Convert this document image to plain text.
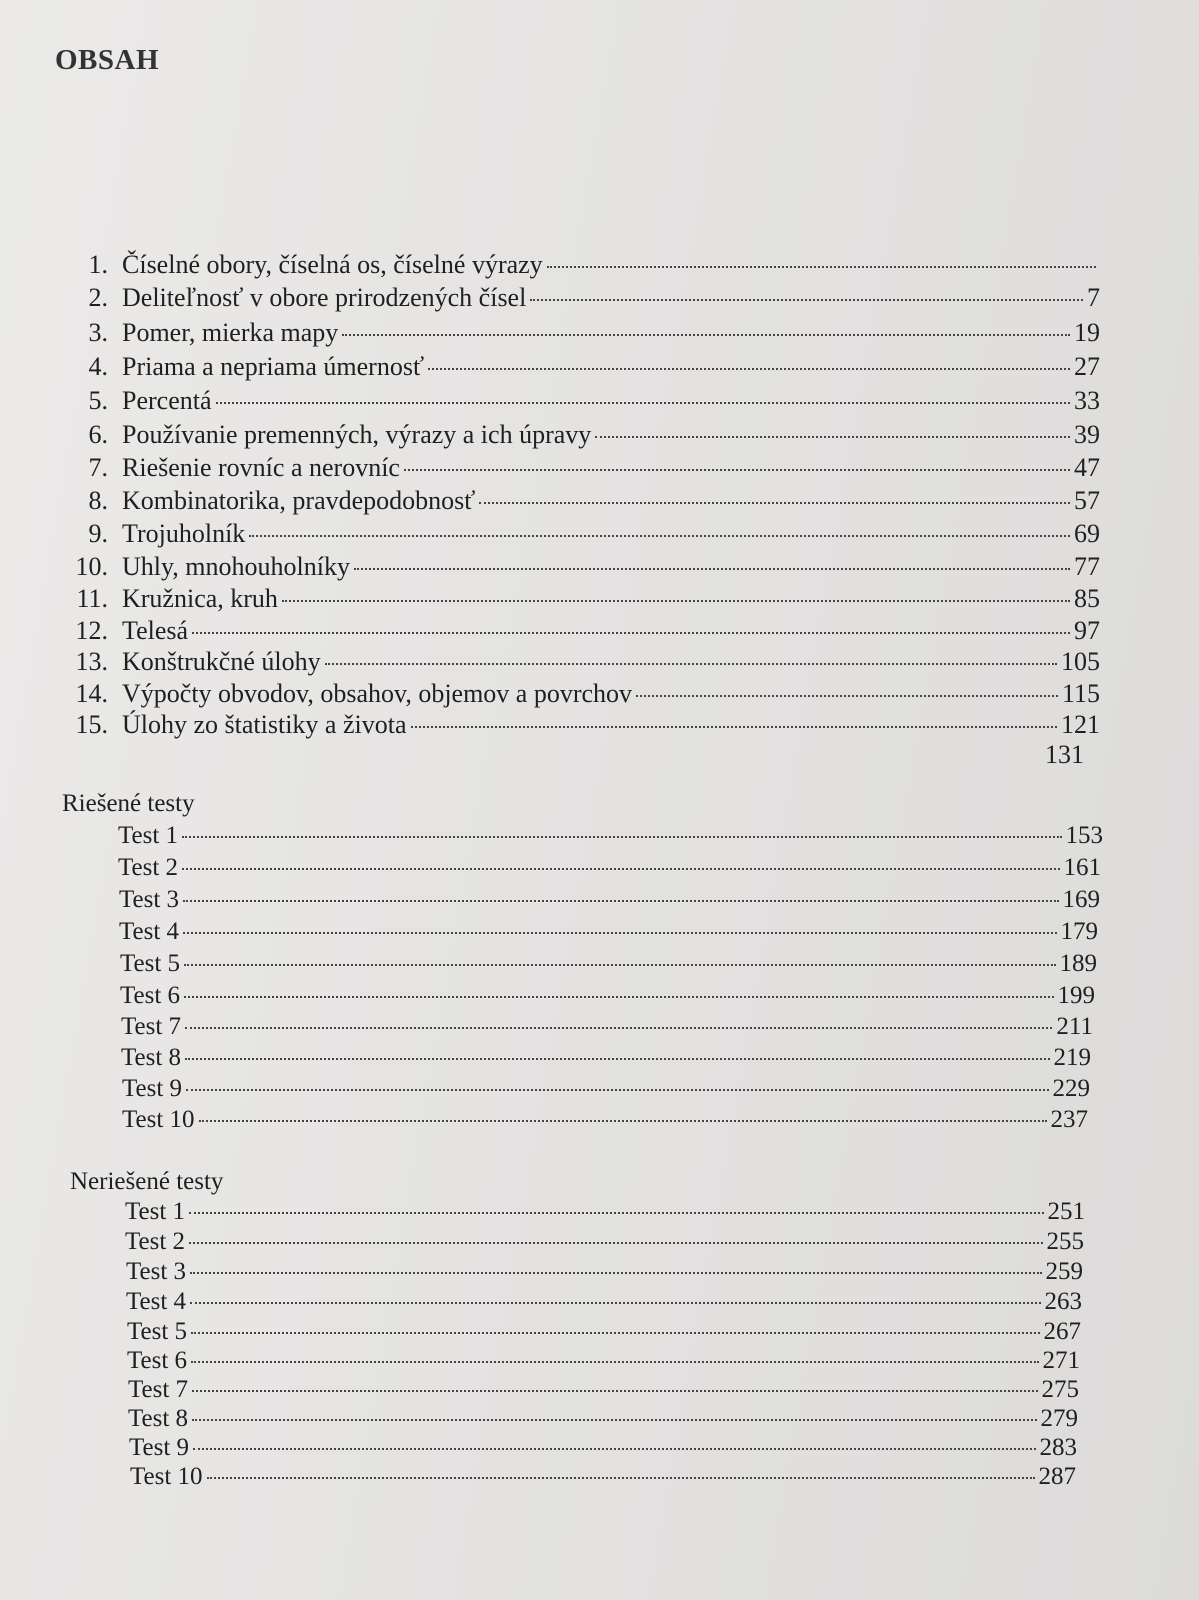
OBSAH
1. Číselné obory, číselná os, číselné výrazy
2. Deliteľnosť v obore prirodzených čísel	7
3. Pomer, mierka mapy	19
4. Priama a nepriama úmernosť	27
5. Percentá	33
6. Používanie premenných, výrazy a ich úpravy	39
7. Riešenie rovníc a nerovníc	47
8. Kombinatorika, pravdepodobnosť	57
9. Trojuholník	69
10. Uhly, mnohouholníky	77
11. Kružnica, kruh	85
12. Telesá	97
13. Konštrukčné úlohy	105
14. Výpočty obvodov, obsahov, objemov a povrchov	115
15. Úlohy zo štatistiky a života	121
131
Riešené testy
Test 1	153
Test 2	161
Test 3	169
Test 4	179
Test 5	189
Test 6	199
Test 7	211
Test 8	219
Test 9	229
Test 10	237
Neriešené testy
Test 1	251
Test 2	255
Test 3	259
Test 4	263
Test 5	267
Test 6	271
Test 7	275
Test 8	279
Test 9	283
Test 10	287
